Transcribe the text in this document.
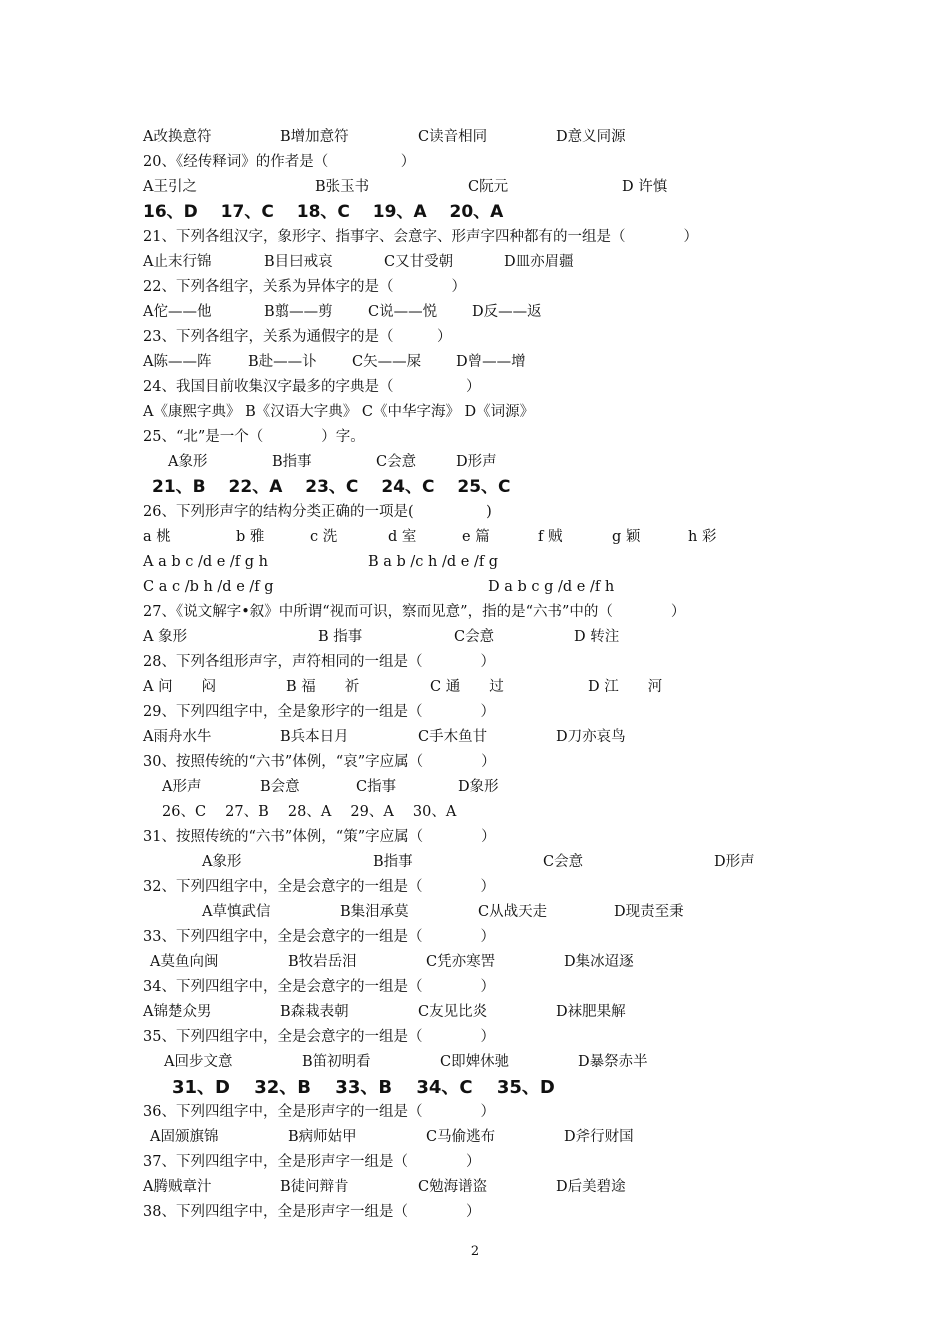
A改换意符	B增加意符	C读音相同	D意义同源
20、《经传释词》的作者是（　　　　　）
A王引之	B张玉书	C阮元	D 许慎
16、D　 17、C　 18、C　 19、A　 20、A
21、下列各组汉字，象形字、指事字、会意字、形声字四种都有的一组是（　　　　）
A止末行锦	B目曰戒哀	C又甘受朝	D皿亦眉疆
22、下列各组字，关系为异体字的是（　　　　）
A佗——他	B翦——剪 C说——悦 D反——返
23、下列各组字，关系为通假字的是（　　　）
A陈——阵	B赴——讣 C矢——屎 D曾——增
24、我国目前收集汉字最多的字典是（　　　　　）
A《康熙字典》 B《汉语大字典》 C《中华字海》 D《词源》
25、“北”是一个（　　　　）字。
A象形	B指事	C会意	D形声
21、B　 22、A　 23、C　 24、C　 25、C
26、下列形声字的结构分类正确的一项是(　　　　　)
a 桃	b 雅	c 洗	d 室	e 篇	f 贼	g 颖	h 彩
A a b c /d e /f g h	B a b /c h /d e /f g
C a c /b h /d e /f g	D a b c g /d e /f h
27、《说文解字•叙》中所谓“视而可识，察而见意”，指的是“六书”中的（　　　　）
A 象形	B 指事	C会意	D 转注
28、下列各组形声字，声符相同的一组是（　　　　）
A 问　　闷	B 福　　祈	C 通　　过	D 江　　河
29、下列四组字中，全是象形字的一组是（　　　　）
A雨舟水牛	B兵本日月	C手木鱼甘	D刀亦哀鸟
30、按照传统的“六书”体例，“哀”字应属（　　　　）
A形声	B会意	C指事	D象形
26、C　 27、B　 28、A　 29、A　 30、A
31、按照传统的“六书”体例，“策”字应属（　　　　）
A象形	B指事	C会意	D形声
32、下列四组字中，全是会意字的一组是（　　　　）
A草慎武信	B集泪承莫	C从战天走	D现责至秉
33、下列四组字中，全是会意字的一组是（　　　　）
A莫鱼向闽	B牧岩岳泪	C凭亦寒罟	D集冰迢逐
34、下列四组字中，全是会意字的一组是（　　　　）
A锦楚众男	B森栽表朝	C友见比炎	D袜肥果解
35、下列四组字中，全是会意字的一组是（　　　　）
A回步文意	B笛初明看	C即婢休驰	D暴祭赤半
31、D　 32、B　 33、B　 34、C　 35、D
36、下列四组字中，全是形声字的一组是（　　　　）
A固颁旗锦	B病师姑甲	C马偷逃布	D斧行财国
37、下列四组字中，全是形声字一组是（　　　　）
A腾贼章汁	B徒问辩肯	C勉海谱盗	D后美碧途
38、下列四组字中，全是形声字一组是（　　　　）
2
